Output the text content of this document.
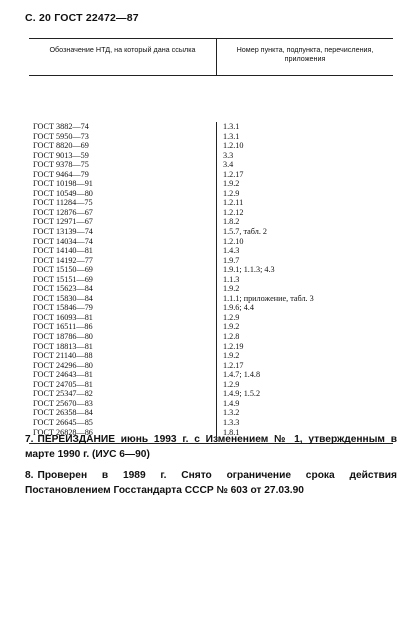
С. 20 ГОСТ 22472—87
Обозначение НТД, на который дана ссылка	Номер пункта, подпункта, перечисления, приложения
ГОСТ 3882—74
ГОСТ 5950—73
ГОСТ 8820—69
ГОСТ 9013—59
ГОСТ 9378—75
ГОСТ 9464—79
ГОСТ 10198—91
ГОСТ 10549—80
ГОСТ 11284—75
ГОСТ 12876—67
ГОСТ 12971—67
ГОСТ 13139—74
ГОСТ 14034—74
ГОСТ 14140—81
ГОСТ 14192—77
ГОСТ 15150—69
ГОСТ 15151—69
ГОСТ 15623—84
ГОСТ 15830—84
ГОСТ 15846—79
ГОСТ 16093—81
ГОСТ 16511—86
ГОСТ 18786—80
ГОСТ 18813—81
ГОСТ 21140—88
ГОСТ 24296—80
ГОСТ 24643—81
ГОСТ 24705—81
ГОСТ 25347—82
ГОСТ 25670—83
ГОСТ 26358—84
ГОСТ 26645—85
ГОСТ 26828—86
1.3.1
1.3.1
1.2.10
3.3
3.4
1.2.17
1.9.2
1.2.9
1.2.11
1.2.12
1.8.2
1.5.7, табл. 2
1.2.10
1.4.3
1.9.7
1.9.1; 1.1.3; 4.3
1.1.3
1.9.2
1.1.1; приложение, табл. 3
1.9.6; 4.4
1.2.9
1.9.2
1.2.8
1.2.19
1.9.2
1.2.17
1.4.7; 1.4.8
1.2.9
1.4.9; 1.5.2
1.4.9
1.3.2
1.3.3
1.8.1
7. ПЕРЕИЗДАНИЕ июнь 1993 г. с Изменением № 1, утвержденным в марте 1990 г. (ИУС 6—90)
8. Проверен в 1989 г. Снято ограничение срока действия Постановлением Госстандарта СССР № 603 от 27.03.90
